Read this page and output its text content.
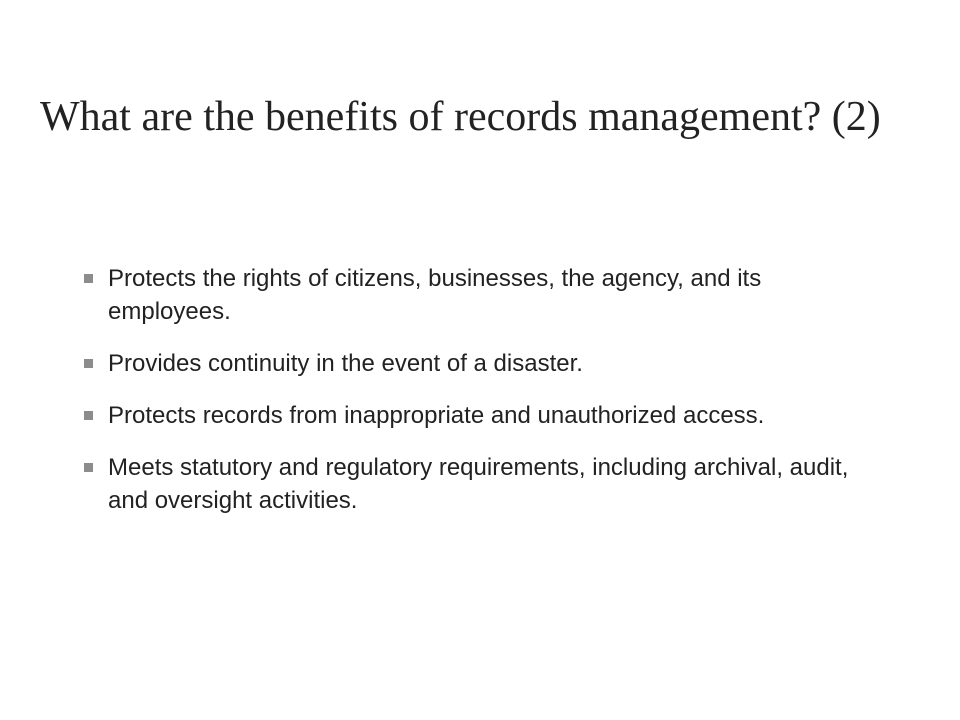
What are the benefits of records management? (2)
Protects the rights of citizens, businesses, the agency, and its employees.
Provides continuity in the event of a disaster.
Protects records from inappropriate and unauthorized access.
Meets statutory and regulatory requirements, including archival, audit, and oversight activities.
